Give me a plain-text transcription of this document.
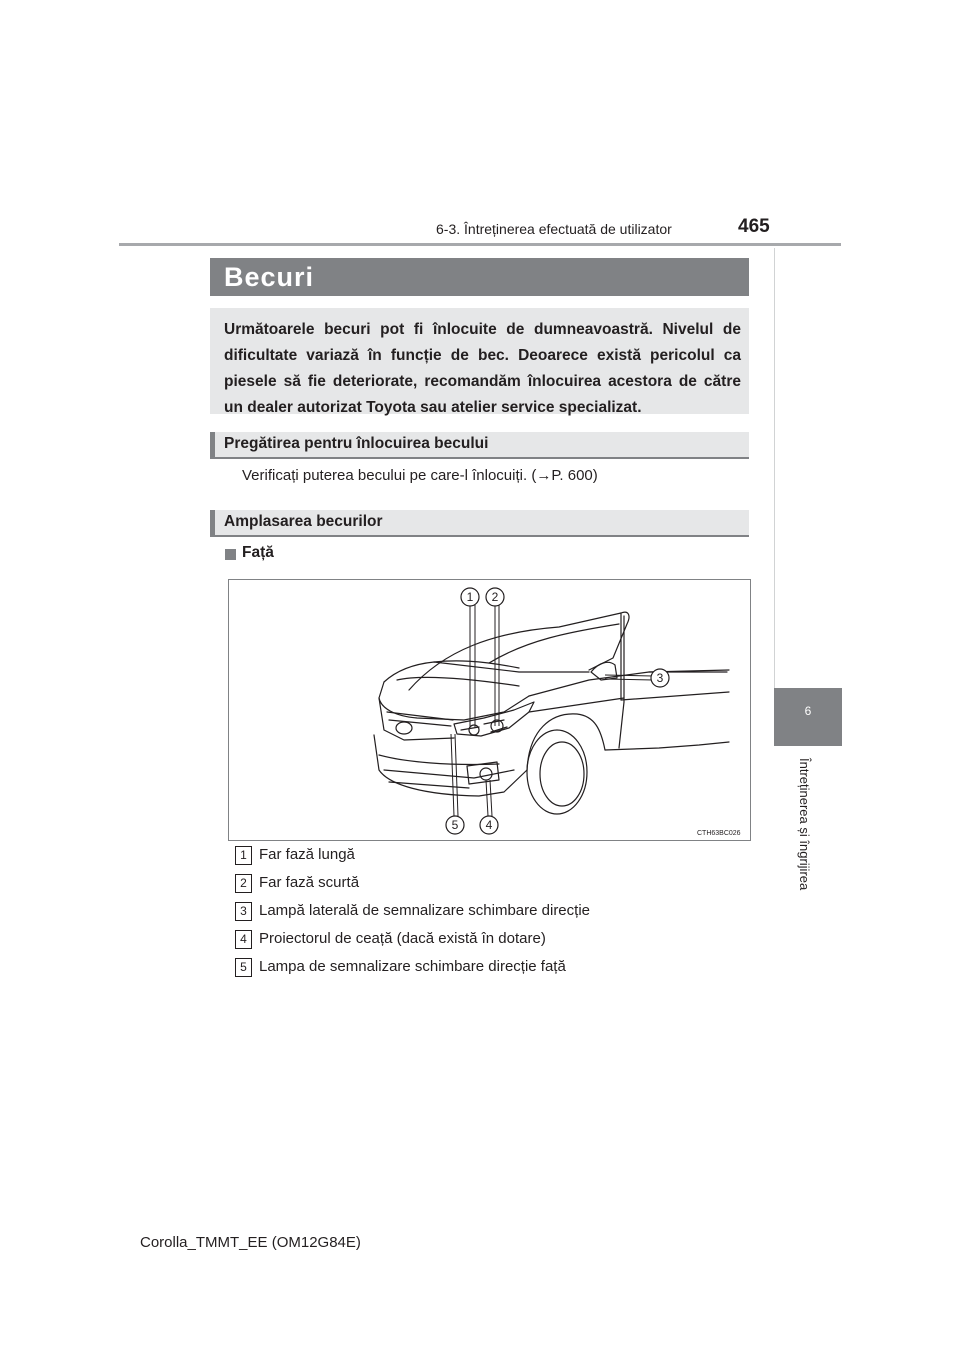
6-3. Întreținerea efectuată de utilizator	465
6
Întreținerea și îngrijirea
Becuri
Următoarele becuri pot fi înlocuite de dumneavoastră. Nivelul de dificultate variază în funcție de bec. Deoarece există pericolul ca piesele să fie deteriorate, recomandăm înlocuirea acestora de către un dealer autorizat Toyota sau atelier service specializat.
Pregătirea pentru înlocuirea becului
Verificați puterea becului pe care-l înlocuiți. (→P. 600)
Amplasarea becurilor
Față
1 2
3
4
5
CTH63BC026
1 Far fază lungă
2 Far fază scurtă
3 Lampă laterală de semnalizare schimbare direcție
4 Proiectorul de ceață (dacă există în dotare)
5 Lampa de semnalizare schimbare direcție față
Corolla_TMMT_EE (OM12G84E)
